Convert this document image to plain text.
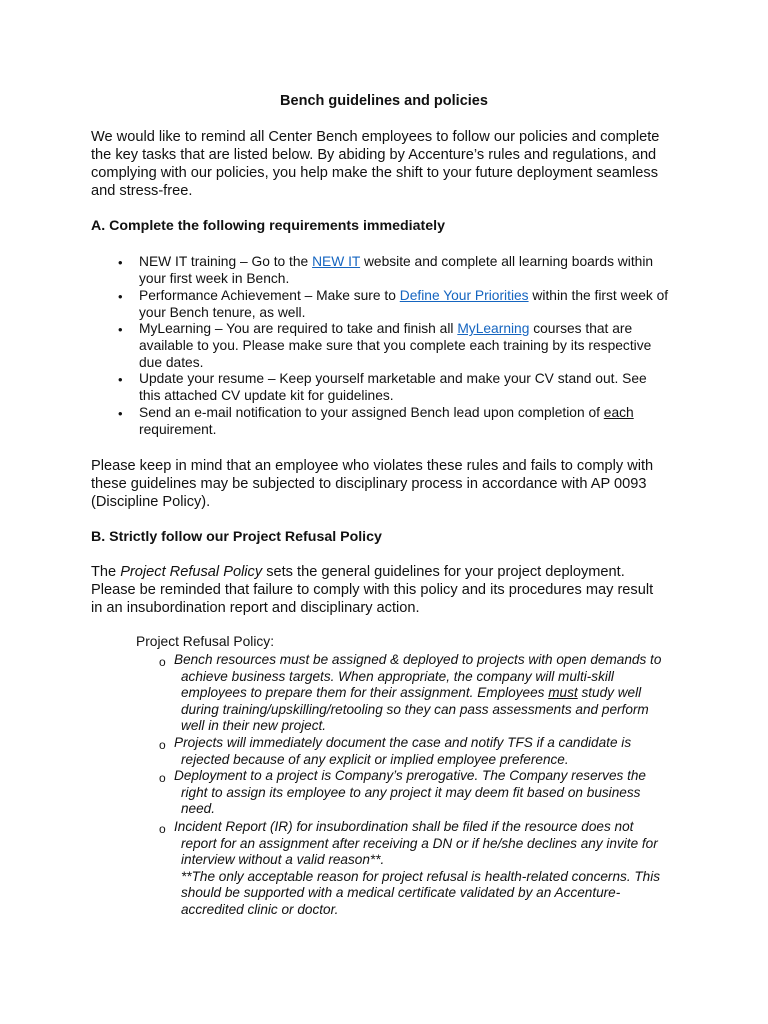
Bench guidelines and policies
We would like to remind all Center Bench employees to follow our policies and complete
the key tasks that are listed below. By abiding by Accenture’s rules and regulations, and
complying with our policies, you help make the shift to your future deployment seamless
and stress-free.
A. Complete the following requirements immediately
• NEW IT training – Go to the NEW IT website and complete all learning boards within
your first week in Bench.
• Performance Achievement – Make sure to Define Your Priorities within the first week of
your Bench tenure, as well.
• MyLearning – You are required to take and finish all MyLearning courses that are
available to you. Please make sure that you complete each training by its respective
due dates.
• Update your resume – Keep yourself marketable and make your CV stand out. See
this attached CV update kit for guidelines.
• Send an e-mail notification to your assigned Bench lead upon completion of each
requirement.
Please keep in mind that an employee who violates these rules and fails to comply with
these guidelines may be subjected to disciplinary process in accordance with AP 0093
(Discipline Policy).
B. Strictly follow our Project Refusal Policy
The Project Refusal Policy sets the general guidelines for your project deployment.
Please be reminded that failure to comply with this policy and its procedures may result
in an insubordination report and disciplinary action.
Project Refusal Policy:
o Bench resources must be assigned & deployed to projects with open demands to
achieve business targets. When appropriate, the company will multi-skill
employees to prepare them for their assignment. Employees must study well
during training/upskilling/retooling so they can pass assessments and perform
well in their new project.
o Projects will immediately document the case and notify TFS if a candidate is
rejected because of any explicit or implied employee preference.
o Deployment to a project is Company’s prerogative. The Company reserves the
right to assign its employee to any project it may deem fit based on business
need.
o Incident Report (IR) for insubordination shall be filed if the resource does not
report for an assignment after receiving a DN or if he/she declines any invite for
interview without a valid reason**.
**The only acceptable reason for project refusal is health-related concerns. This
should be supported with a medical certificate validated by an Accenture-
accredited clinic or doctor.
